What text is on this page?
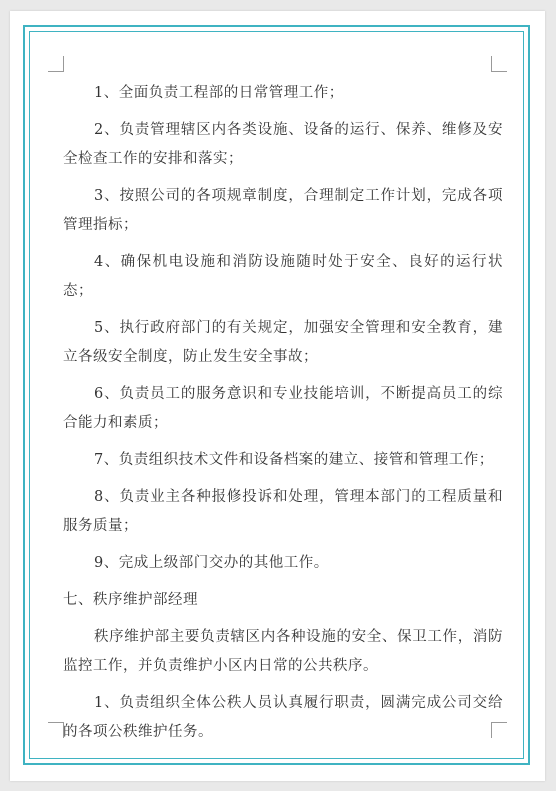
1、全面负责工程部的日常管理工作；

2、负责管理辖区内各类设施、设备的运行、保养、维修及安全检查工作的安排和落实；

3、按照公司的各项规章制度，合理制定工作计划，完成各项管理指标；

4、确保机电设施和消防设施随时处于安全、良好的运行状态；

5、执行政府部门的有关规定，加强安全管理和安全教育，建立各级安全制度，防止发生安全事故；

6、负责员工的服务意识和专业技能培训，不断提高员工的综合能力和素质；

7、负责组织技术文件和设备档案的建立、接管和管理工作；

8、负责业主各种报修投诉和处理，管理本部门的工程质量和服务质量；

9、完成上级部门交办的其他工作。

七、秩序维护部经理

秩序维护部主要负责辖区内各种设施的安全、保卫工作，消防监控工作，并负责维护小区内日常的公共秩序。

1、负责组织全体公秩人员认真履行职责，圆满完成公司交给的各项公秩维护任务。
